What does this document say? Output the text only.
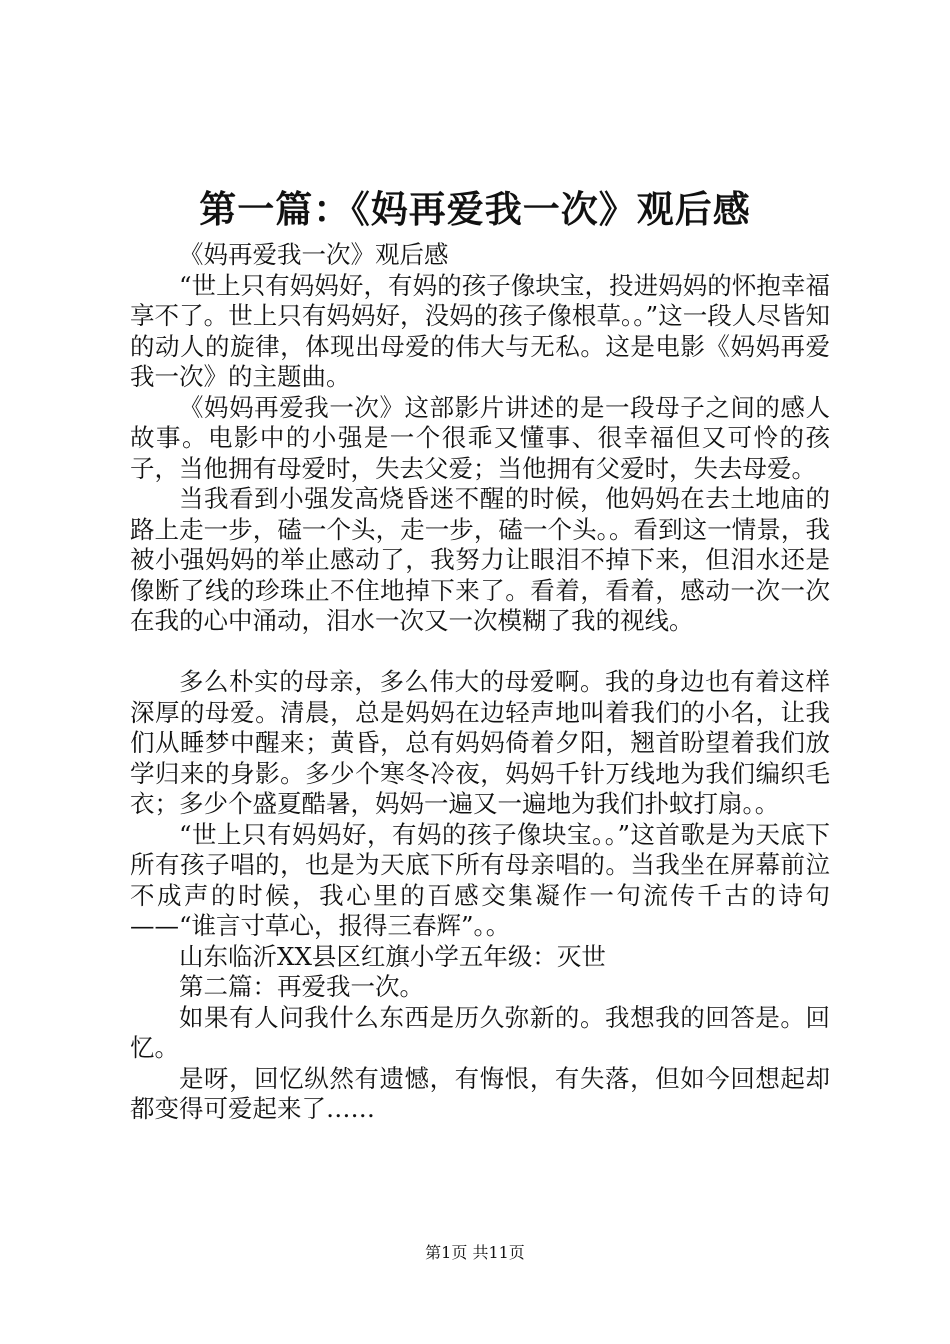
第一篇：《妈再爱我一次》观后感

《妈再爱我一次》观后感

“世上只有妈妈好，有妈的孩子像块宝，投进妈妈的怀抱幸福享不了。世上只有妈妈好，没妈的孩子像根草。。”这一段人尽皆知的动人的旋律，体现出母爱的伟大与无私。这是电影《妈妈再爱我一次》的主题曲。

《妈妈再爱我一次》这部影片讲述的是一段母子之间的感人故事。电影中的小强是一个很乖又懂事、很幸福但又可怜的孩子，当他拥有母爱时，失去父爱；当他拥有父爱时，失去母爱。

当我看到小强发高烧昏迷不醒的时候，他妈妈在去土地庙的路上走一步，磕一个头，走一步，磕一个头。。看到这一情景，我被小强妈妈的举止感动了，我努力让眼泪不掉下来，但泪水还是像断了线的珍珠止不住地掉下来了。看着，看着，感动一次一次在我的心中涌动，泪水一次又一次模糊了我的视线。

多么朴实的母亲，多么伟大的母爱啊。我的身边也有着这样深厚的母爱。清晨，总是妈妈在边轻声地叫着我们的小名，让我们从睡梦中醒来；黄昏，总有妈妈倚着夕阳，翘首盼望着我们放学归来的身影。多少个寒冬冷夜，妈妈千针万线地为我们编织毛衣；多少个盛夏酷暑，妈妈一遍又一遍地为我们扑蚊打扇。。

“世上只有妈妈好，有妈的孩子像块宝。。”这首歌是为天底下所有孩子唱的，也是为天底下所有母亲唱的。当我坐在屏幕前泣不成声的时候，我心里的百感交集凝作一句流传千古的诗句——“谁言寸草心，报得三春辉”。。

山东临沂XX县区红旗小学五年级：灭世

第二篇：再爱我一次。

如果有人问我什么东西是历久弥新的。我想我的回答是。回忆。

是呀，回忆纵然有遗憾，有悔恨，有失落，但如今回想起却都变得可爱起来了……

第1页 共11页
